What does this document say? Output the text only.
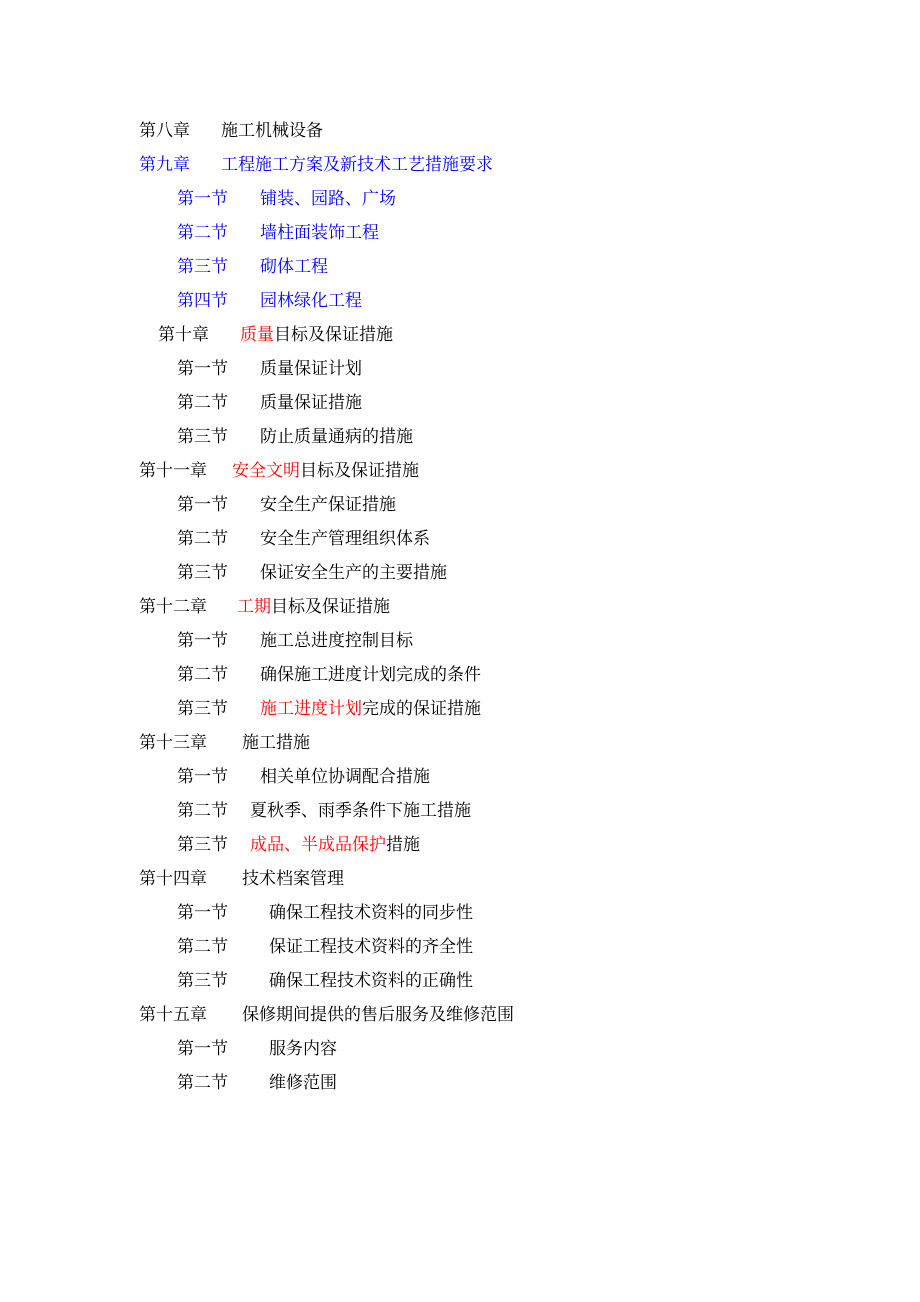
第八章 施工机械设备
第九章 工程施工方案及新技术工艺措施要求
第一节 铺装、园路、广场
第二节 墙柱面装饰工程
第三节 砌体工程
第四节 园林绿化工程
第十章 质量目标及保证措施
第一节 质量保证计划
第二节 质量保证措施
第三节 防止质量通病的措施
第十一章 安全文明目标及保证措施
第一节 安全生产保证措施
第二节 安全生产管理组织体系
第三节 保证安全生产的主要措施
第十二章 工期目标及保证措施
第一节 施工总进度控制目标
第二节 确保施工进度计划完成的条件
第三节 施工进度计划完成的保证措施
第十三章 施工措施
第一节 相关单位协调配合措施
第二节 夏秋季、雨季条件下施工措施
第三节 成品、半成品保护措施
第十四章 技术档案管理
第一节 确保工程技术资料的同步性
第二节 保证工程技术资料的齐全性
第三节 确保工程技术资料的正确性
第十五章 保修期间提供的售后服务及维修范围
第一节 服务内容
第二节 维修范围
